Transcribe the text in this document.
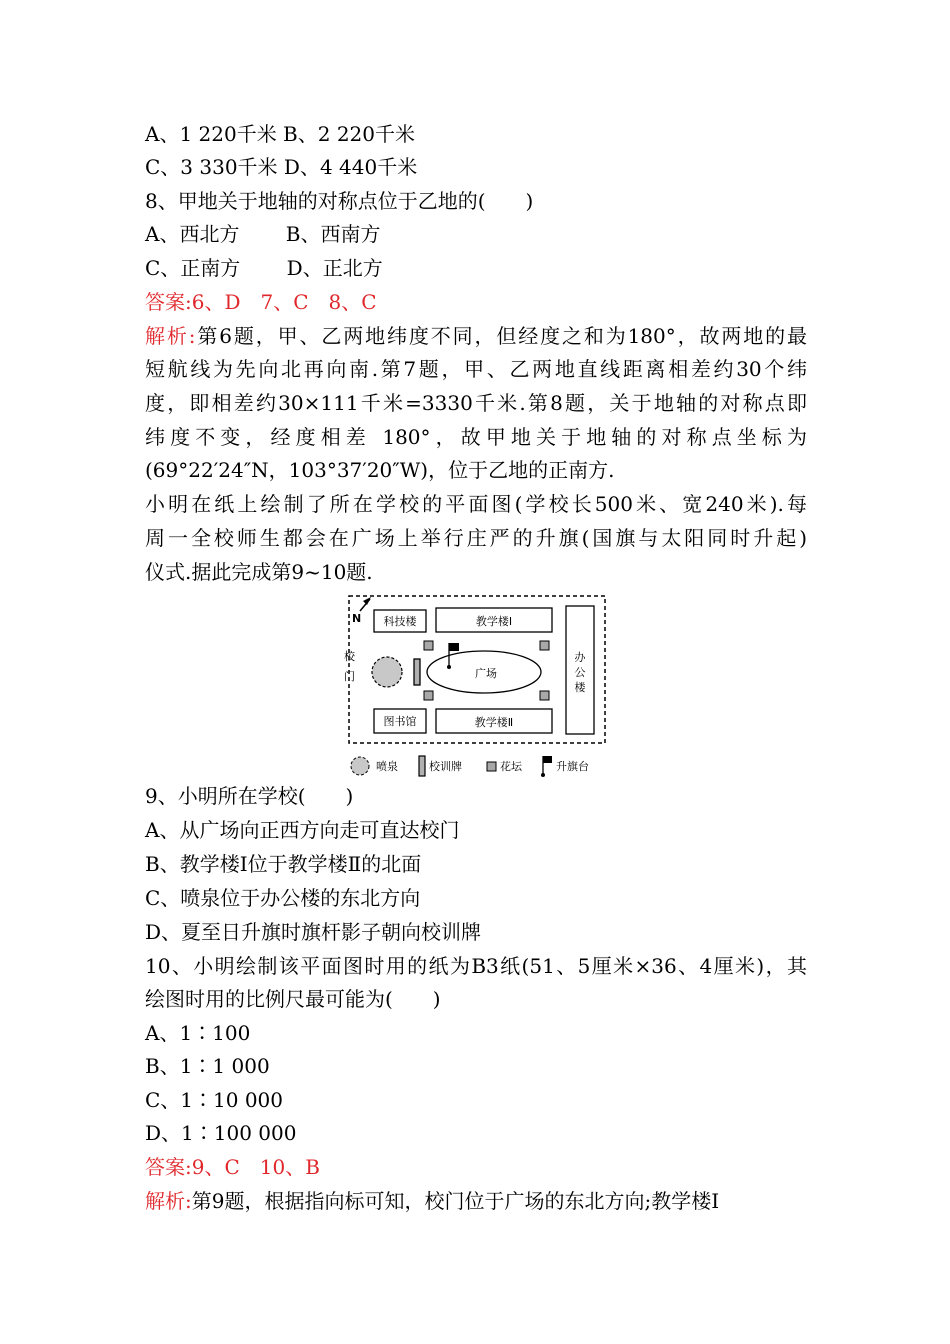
A、1 220千米 B、2 220千米
C、3 330千米 D、4 440千米
8、甲地关于地轴的对称点位于乙地的(　　)
A、西北方　　 B、西南方
C、正南方　　 D、正北方
答案:6、D　7、C　8、C
解析:第6题，甲、乙两地纬度不同，但经度之和为180°，故两地的最
短航线为先向北再向南.第7题，甲、乙两地直线距离相差约30个纬
度，即相差约30×111千米=3330千米.第8题，关于地轴的对称点即
纬度不变，经度相差 180°，故甲地关于地轴的对称点坐标为
(69°22′24″N，103°37′20″W)，位于乙地的正南方.
小明在纸上绘制了所在学校的平面图(学校长500米、宽240米).每
周一全校师生都会在广场上举行庄严的升旗(国旗与太阳同时升起)
仪式.据此完成第9~10题.
N
校
门
科技楼	教学楼Ⅰ
图书馆	教学楼Ⅱ
办
公
楼
广场
喷泉	校训牌	花坛	升旗台
9、小明所在学校(　　)
A、从广场向正西方向走可直达校门
B、教学楼Ⅰ位于教学楼Ⅱ的北面
C、喷泉位于办公楼的东北方向
D、夏至日升旗时旗杆影子朝向校训牌
10、小明绘制该平面图时用的纸为B3纸(51、5厘米×36、4厘米)，其
绘图时用的比例尺最可能为(　　)
A、1∶100
B、1∶1 000
C、1∶10 000
D、1∶100 000
答案:9、C　10、B
解析:第9题，根据指向标可知，校门位于广场的东北方向;教学楼Ⅰ
